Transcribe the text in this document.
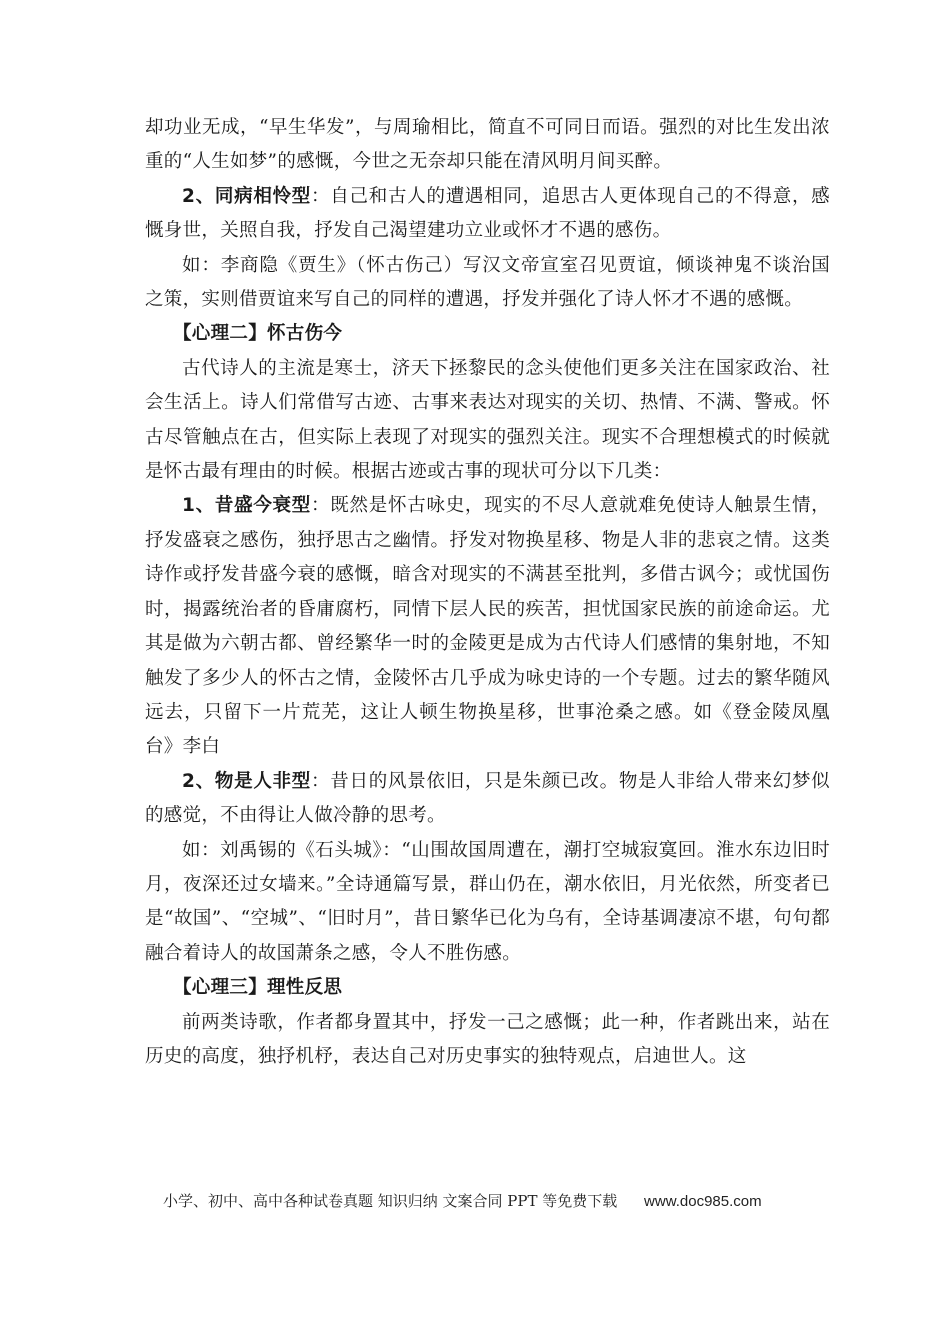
却功业无成，“早生华发”，与周瑜相比，简直不可同日而语。强烈的对比生发出浓重的“人生如梦”的感慨，今世之无奈却只能在清风明月间买醉。

2、同病相怜型：自己和古人的遭遇相同，追思古人更体现自己的不得意，感慨身世，关照自我，抒发自己渴望建功立业或怀才不遇的感伤。

如：李商隐《贾生》（怀古伤己）写汉文帝宣室召见贾谊，倾谈神鬼不谈治国之策，实则借贾谊来写自己的同样的遭遇，抒发并强化了诗人怀才不遇的感慨。

【心理二】怀古伤今

古代诗人的主流是寒士，济天下拯黎民的念头使他们更多关注在国家政治、社会生活上。诗人们常借写古迹、古事来表达对现实的关切、热情、不满、警戒。怀古尽管触点在古，但实际上表现了对现实的强烈关注。现实不合理想模式的时候就是怀古最有理由的时候。根据古迹或古事的现状可分以下几类：

1、昔盛今衰型：既然是怀古咏史，现实的不尽人意就难免使诗人触景生情，抒发盛衰之感伤，独抒思古之幽情。抒发对物换星移、物是人非的悲哀之情。这类诗作或抒发昔盛今衰的感慨，暗含对现实的不满甚至批判，多借古讽今；或忧国伤时，揭露统治者的昏庸腐朽，同情下层人民的疾苦，担忧国家民族的前途命运。尤其是做为六朝古都、曾经繁华一时的金陵更是成为古代诗人们感情的集射地，不知触发了多少人的怀古之情，金陵怀古几乎成为咏史诗的一个专题。过去的繁华随风远去，只留下一片荒芜，这让人顿生物换星移，世事沧桑之感。如《登金陵凤凰台》李白

2、物是人非型：昔日的风景依旧，只是朱颜已改。物是人非给人带来幻梦似的感觉，不由得让人做冷静的思考。

如：刘禹锡的《石头城》：“山围故国周遭在，潮打空城寂寞回。淮水东边旧时月，夜深还过女墙来。”全诗通篇写景，群山仍在，潮水依旧，月光依然，所变者已是“故国”、“空城”、“旧时月”，昔日繁华已化为乌有，全诗基调凄凉不堪，句句都融合着诗人的故国萧条之感，令人不胜伤感。

【心理三】理性反思

前两类诗歌，作者都身置其中，抒发一己之感慨；此一种，作者跳出来，站在历史的高度，独抒机杼，表达自己对历史事实的独特观点，启迪世人。这

小学、初中、高中各种试卷真题 知识归纳 文案合同 PPT 等免费下载 www.doc985.com
